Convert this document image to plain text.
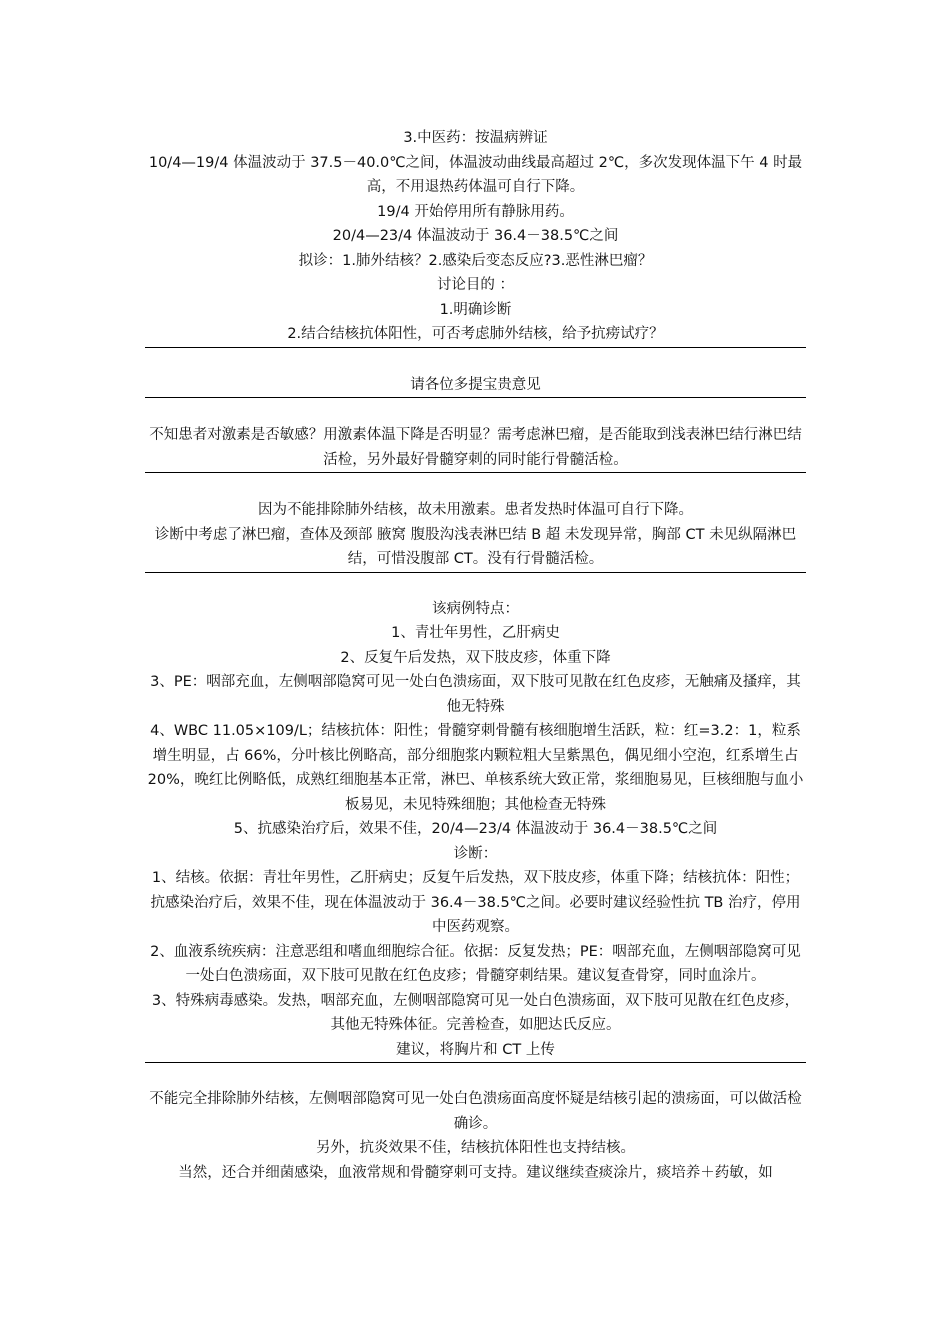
3.中医药：按温病辨证

10/4—19/4 体温波动于 37.5－40.0℃之间，体温波动曲线最高超过 2℃，多次发现体温下午 4 时最高，不用退热药体温可自行下降。

19/4 开始停用所有静脉用药。

20/4—23/4 体温波动于 36.4－38.5℃之间

拟诊：1.肺外结核？2.感染后变态反应?3.恶性淋巴瘤？

讨论目的 ：

1.明确诊断

2.结合结核抗体阳性，可否考虑肺外结核，给予抗痨试疗？

请各位多提宝贵意见

不知患者对激素是否敏感？用激素体温下降是否明显？需考虑淋巴瘤，是否能取到浅表淋巴结行淋巴结活检，另外最好骨髓穿刺的同时能行骨髓活检。

因为不能排除肺外结核，故未用激素。患者发热时体温可自行下降。

诊断中考虑了淋巴瘤，查体及颈部 腋窝 腹股沟浅表淋巴结 B 超 未发现异常，胸部 CT 未见纵隔淋巴结，可惜没腹部 CT。没有行骨髓活检。

该病例特点：

1、青壮年男性，乙肝病史

2、反复午后发热，双下肢皮疹，体重下降

3、PE：咽部充血，左侧咽部隐窝可见一处白色溃疡面，双下肢可见散在红色皮疹，无触痛及搔痒，其他无特殊

4、WBC 11.05×109/L；结核抗体：阳性；骨髓穿刺骨髓有核细胞增生活跃，粒：红=3.2：1，粒系增生明显，占 66%，分叶核比例略高，部分细胞浆内颗粒粗大呈紫黑色，偶见细小空泡，红系增生占 20%，晚红比例略低，成熟红细胞基本正常，淋巴、单核系统大致正常，浆细胞易见，巨核细胞与血小板易见，未见特殊细胞；其他检查无特殊

5、抗感染治疗后，效果不佳，20/4—23/4 体温波动于 36.4－38.5℃之间

诊断：

1、结核。依据：青壮年男性，乙肝病史；反复午后发热，双下肢皮疹，体重下降；结核抗体：阳性；抗感染治疗后，效果不佳，现在体温波动于 36.4－38.5℃之间。必要时建议经验性抗 TB 治疗，停用中医药观察。

2、血液系统疾病：注意恶组和嗜血细胞综合征。依据：反复发热；PE：咽部充血，左侧咽部隐窝可见一处白色溃疡面，双下肢可见散在红色皮疹；骨髓穿刺结果。建议复查骨穿，同时血涂片。

3、特殊病毒感染。发热，咽部充血，左侧咽部隐窝可见一处白色溃疡面，双下肢可见散在红色皮疹，其他无特殊体征。完善检查，如肥达氏反应。

建议，将胸片和 CT 上传

不能完全排除肺外结核，左侧咽部隐窝可见一处白色溃疡面高度怀疑是结核引起的溃疡面，可以做活检确诊。

另外，抗炎效果不佳，结核抗体阳性也支持结核。

当然，还合并细菌感染，血液常规和骨髓穿刺可支持。建议继续查痰涂片，痰培养＋药敏，如
